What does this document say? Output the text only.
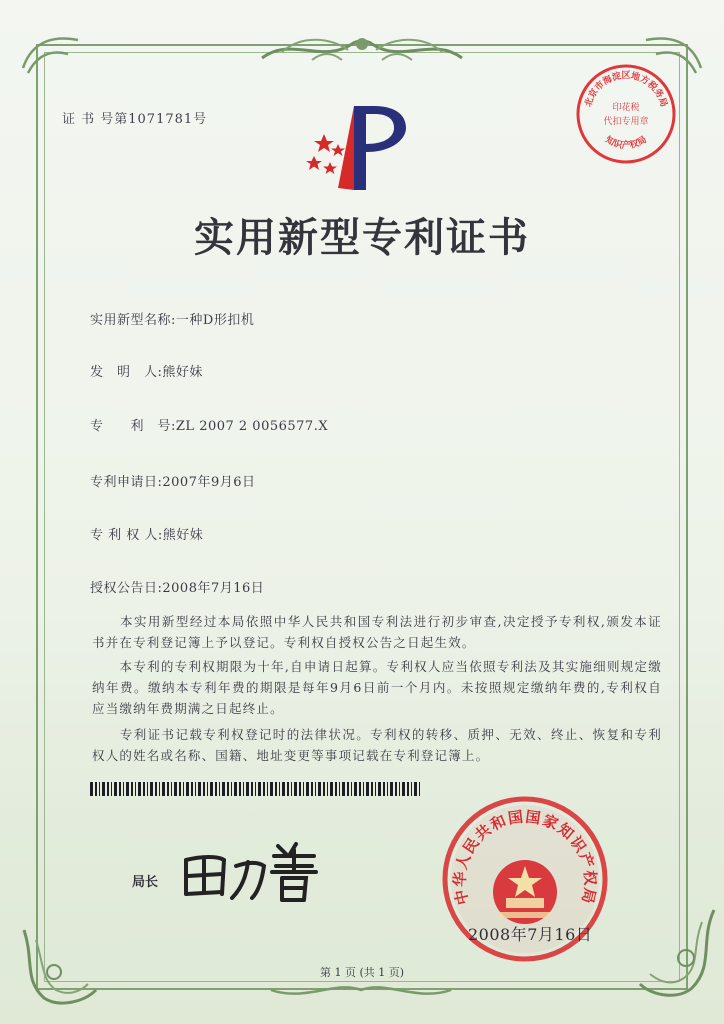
证 书 号第1071781号
实用新型专利证书
实用新型名称:一种D形扣机
发　明　人:熊好妹
专　　利　号:ZL 2007 2 0056577.X
专利申请日:2007年9月6日
专 利 权 人:熊好妹
授权公告日:2008年7月16日
　　本实用新型经过本局依照中华人民共和国专利法进行初步审查,决定授予专利权,颁发本证书并在专利登记簿上予以登记。专利权自授权公告之日起生效。
　　本专利的专利权期限为十年,自申请日起算。专利权人应当依照专利法及其实施细则规定缴纳年费。缴纳本专利年费的期限是每年9月6日前一个月内。未按照规定缴纳年费的,专利权自应当缴纳年费期满之日起终止。
　　专利证书记载专利权登记时的法律状况。专利权的转移、质押、无效、终止、恢复和专利权人的姓名或名称、国籍、地址变更等事项记载在专利登记簿上。
局长
中华人民共和国国家知识产权局
2008年7月16日
北京市海淀区地方税务局
印花税
代扣专用章
知识产权局
第 1 页 (共 1 页)
